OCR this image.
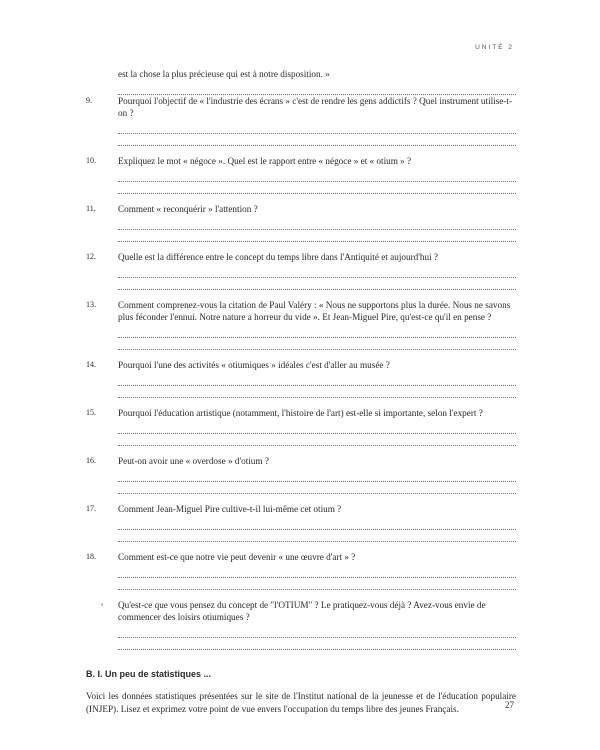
UNITÉ 2
est la chose la plus précieuse qui est à notre disposition. »
9.	Pourquoi l'objectif de « l'industrie des écrans » c'est de rendre les gens addictifs ? Quel instrument utilise-t-on ?
10.	Expliquez le mot « négoce ». Quel est le rapport entre « négoce » et « otium » ?
11.	Comment « reconquérir » l'attention ?
12.	Quelle est la différence entre le concept du temps libre dans l'Antiquité et aujourd'hui ?
13.	Comment comprenez-vous la citation de Paul Valéry : « Nous ne supportons plus la durée. Nous ne savons plus féconder l'ennui. Notre nature a horreur du vide ». Et Jean-Miguel Pire, qu'est-ce qu'il en pense ?
14.	Pourquoi l'une des activités « otiumiques » idéales c'est d'aller au musée ?
15.	Pourquoi l'éducation artistique (notamment, l'histoire de l'art) est-elle si importante, selon l'expert ?
16.	Peut-on avoir une « overdose » d'otium ?
17.	Comment Jean-Miguel Pire cultive-t-il lui-même cet otium ?
18.	Comment est-ce que notre vie peut devenir « une œuvre d'art » ?
◦	Qu'est-ce que vous pensez du concept de "l'OTIUM" ? Le pratiquez-vous déjà ? Avez-vous envie de commencer des loisirs otiumiques ?
B. I. Un peu de statistiques ...
Voici les données statistiques présentées sur le site de l'Institut national de la jeunesse et de l'éducation populaire (INJEP). Lisez et exprimez votre point de vue envers l'occupation du temps libre des jeunes Français.	27
